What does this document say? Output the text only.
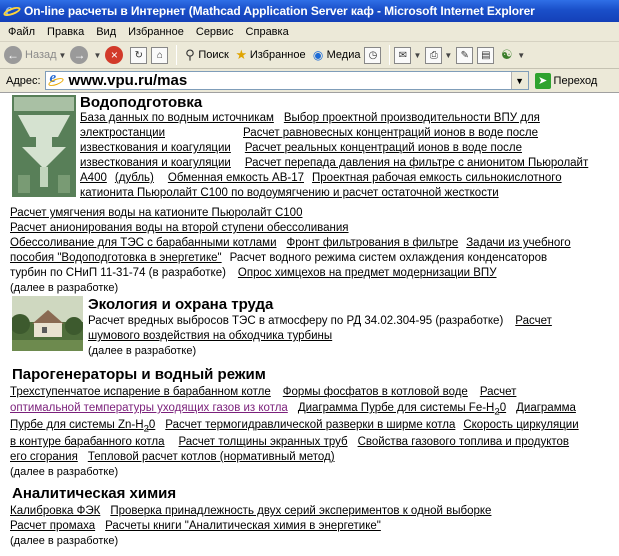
e On-line расчеты в Интернет (Mathcad Application Server каф - Microsoft Internet Explorer
Файл Правка Вид Избранное Сервис Справка
← Назад ▼ →	▼ ×	↻	⌂	⚲ Поиск ★ Избранное ◉ Медиа ◷	✉ ▼ ⎙ ▼ ✎	▤ ☯ ▼
Адрес: e www.vpu.ru/mas	▼	➤ Переход
Водоподготовка
База данных по водным источникам Выбор проектной производительности ВПУ для
электростанции	Расчет равновесных концентраций ионов в воде после
известкования и коагуляции Расчет реальных концентраций ионов в воде после
известкования и коагуляции Расчет перепада давления на фильтре с анионитом Пьюролайт
А400 (дубль) Обменная емкость АВ-17 Проектная рабочая емкость сильнокислотного
катионита Пьюролайт С100 по водоумягчению и расчет остаточной жесткости
Расчет умягчения воды на катионите Пьюролайт С100
Расчет анионирования воды на второй ступени обессоливания
Обессоливание для ТЭС с барабанными котлами Фронт фильтрования в фильтре Задачи из учебного
пособия "Водоподготовка в энергетике" Расчет водного режима систем охлаждения конденсаторов
турбин по СНиП 11-31-74 (в разработке) Опрос химцехов на предмет модернизации ВПУ
(далее в разработке)
Экология и охрана труда
Расчет вредных выбросов ТЭС в атмосферу по РД 34.02.304-95 (разработке) Расчет
шумового воздействия на обходчика турбины
(далее в разработке)
Парогенераторы и водный режим
Трехступенчатое испарение в барабанном котле Формы фосфатов в котловой воде Расчет
оптимальной температуры уходящих газов из котла Диаграмма Пурбе для системы $Fe-H_20$ Диаграмма
Пурбе для системы $Zn-H_20$ Расчет термогидравлической разверки в ширме котла Скорость циркуляции
в контуре барабанного котла Расчет толщины экранных труб Свойства газового топлива и продуктов
его сгорания Тепловой расчет котлов (нормативный метод)
(далее в разработке)
Аналитическая химия
Калибровка ФЭК Проверка принадлежность двух серий экспериментов к одной выборке
Расчет промаха Расчеты книги "Аналитическая химия в энергетике"
(далее в разработке)
